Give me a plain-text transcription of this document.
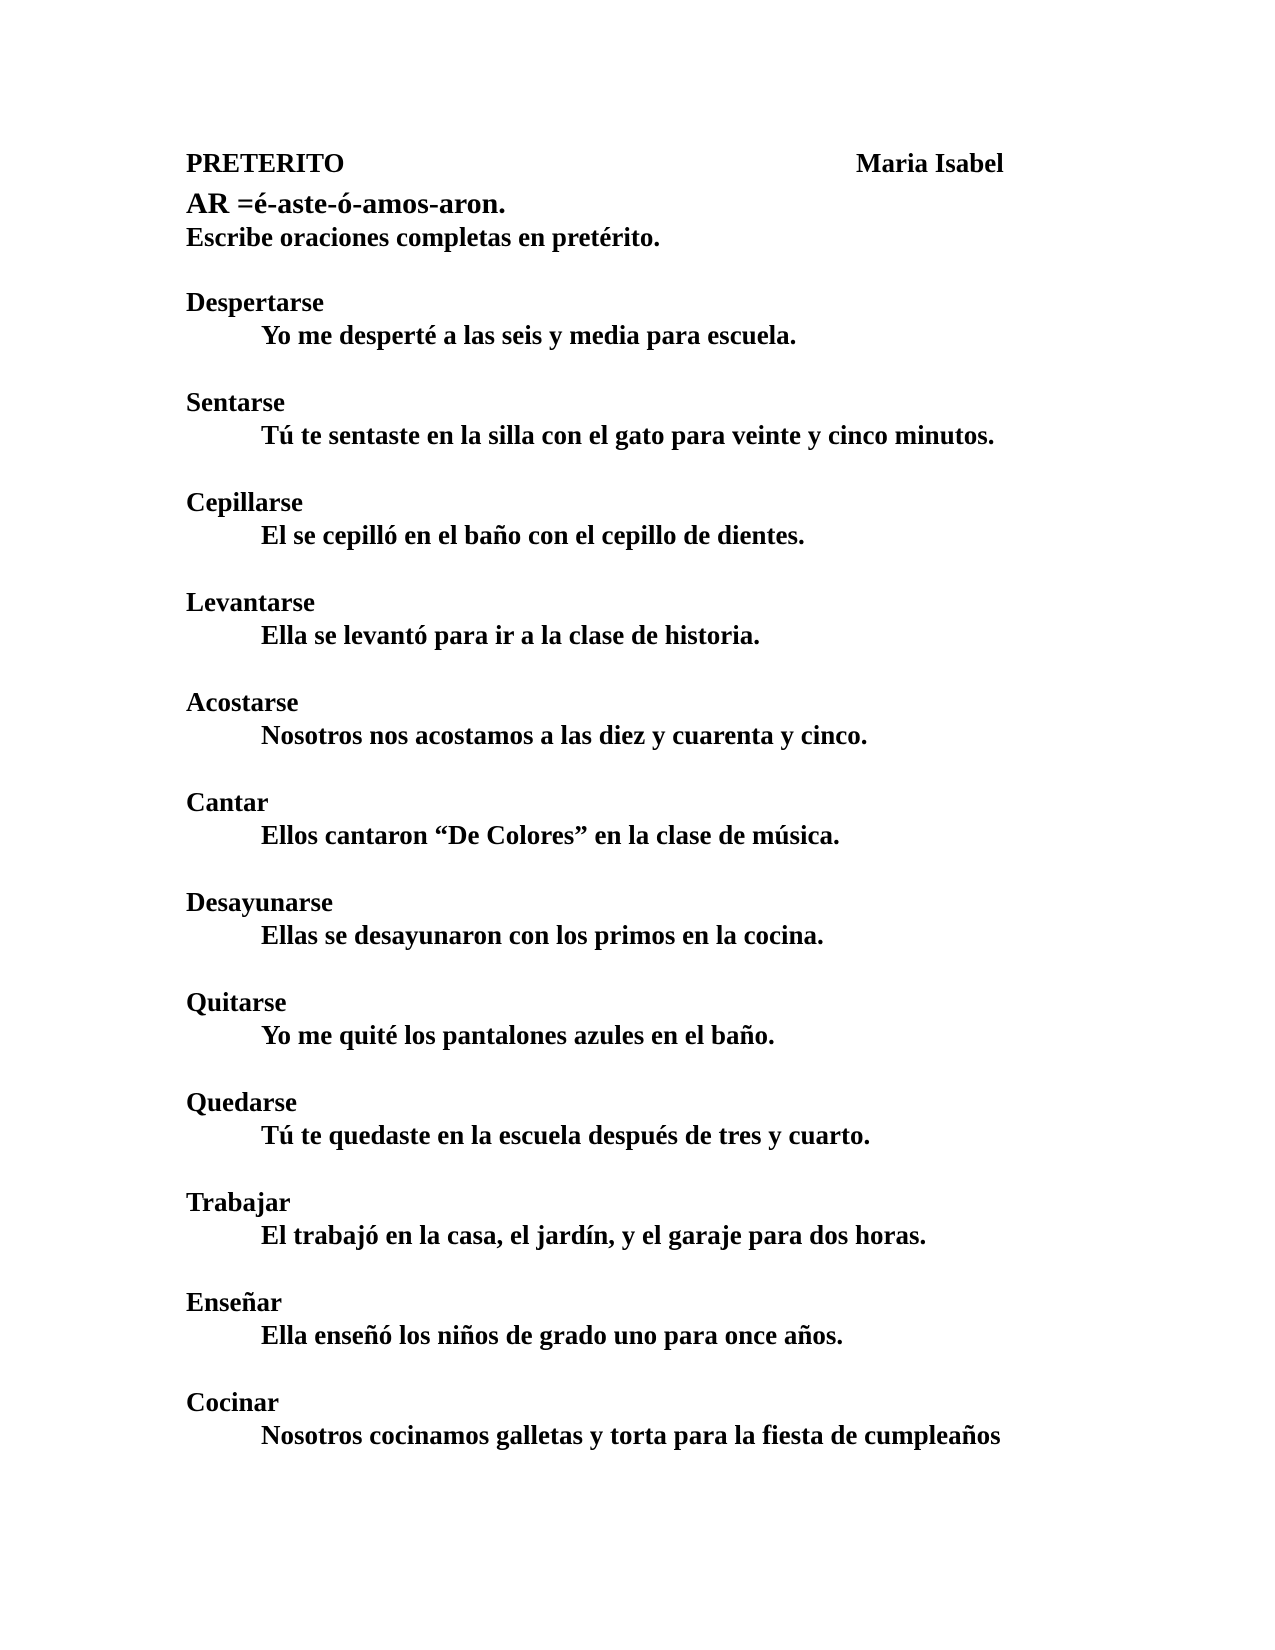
PRETERITO	Maria Isabel
AR =é-aste-ó-amos-aron.
Escribe oraciones completas en pretérito.
Despertarse
Yo me desperté a las seis y media para escuela.
Sentarse
Tú te sentaste en la silla con el gato para veinte y cinco minutos.
Cepillarse
El se cepilló en el baño con el cepillo de dientes.
Levantarse
Ella se levantó para ir a la clase de historia.
Acostarse
Nosotros nos acostamos a las diez y cuarenta y cinco.
Cantar
Ellos cantaron “De Colores” en la clase de música.
Desayunarse
Ellas se desayunaron con los primos en la cocina.
Quitarse
Yo me quité los pantalones azules en el baño.
Quedarse
Tú te quedaste en la escuela después de tres y cuarto.
Trabajar
El trabajó en la casa, el jardín, y el garaje para dos horas.
Enseñar
Ella enseñó los niños de grado uno para once años.
Cocinar
Nosotros cocinamos galletas y torta para la fiesta de cumpleaños
